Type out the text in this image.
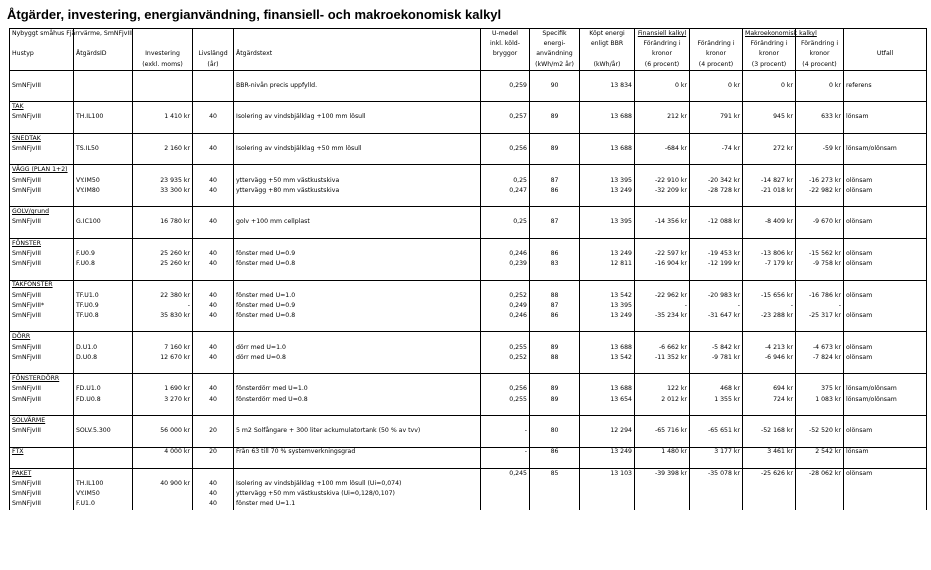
Åtgärder, investering, energianvändning, finansiell- och makroekonomisk kalkyl
Nybyggt småhus Fjärrvärme, SmNFjvIII					U-medel	Specifik	Köpt energi	Finansiell kalkyl		Makroekonomisk kalkyl		
					inkl. köld-	energi-	enligt BBR	Förändring i	Förändring i	Förändring i	Förändring i	
Hustyp	ÅtgärdsID	Investering	Livslängd	Åtgärdstext	bryggor	användning		kronor	kronor	kronor	kronor	Utfall
		(exkl. moms)	(år)			(kWh/m2 år)	(kWh/år)	(6 procent)	(4 procent)	(3 procent)	(4 procent)	

SmNFjvIII				BBR-nivån precis uppfylld.	0,259	90	13 834	0 kr	0 kr	0 kr	0 kr	referens

TAK												
SmNFjvIII	TH.IL100	1 410 kr	40	Isolering av vindsbjälklag +100 mm lösull	0,257	89	13 688	212 kr	791 kr	945 kr	633 kr	lönsam

SNEDTAK												
SmNFjvIII	TS.IL50	2 160 kr	40	Isolering av vindsbjälklag +50 mm lösull	0,256	89	13 688	-684 kr	-74 kr	272 kr	-59 kr	lönsam/olönsam

VÄGG (PLAN 1+2)												
SmNFjvIII	VY.IM50	23 935 kr	40	yttervägg +50 mm västkustskiva	0,25	87	13 395	-22 910 kr	-20 342 kr	-14 827 kr	-16 273 kr	olönsam
SmNFjvIII	VY.IM80	33 300 kr	40	yttervägg +80 mm västkustskiva	0,247	86	13 249	-32 209 kr	-28 728 kr	-21 018 kr	-22 982 kr	olönsam

GOLV/grund												
SmNFjvIII	G.IC100	16 780 kr	40	golv +100 mm cellplast	0,25	87	13 395	-14 356 kr	-12 088 kr	-8 409 kr	-9 670 kr	olönsam

FÖNSTER												
SmNFjvIII	F.U0.9	25 260 kr	40	fönster med U=0.9	0,246	86	13 249	-22 597 kr	-19 453 kr	-13 806 kr	-15 562 kr	olönsam
SmNFjvIII	F.U0.8	25 260 kr	40	fönster med U=0.8	0,239	83	12 811	-16 904 kr	-12 199 kr	-7 179 kr	-9 758 kr	olönsam

TAKFONSTER												
SmNFjvIII	TF.U1.0	22 380 kr	40	fönster med U=1.0	0,252	88	13 542	-22 962 kr	-20 983 kr	-15 656 kr	-16 786 kr	olönsam
SmNFjvIII*	TF.U0.9	-	40	fönster med U=0.9	0,249	87	13 395	-	-	-	-	
SmNFjvIII	TF.U0.8	35 830 kr	40	fönster med U=0.8	0,246	86	13 249	-35 234 kr	-31 647 kr	-23 288 kr	-25 317 kr	olönsam

DÖRR												
SmNFjvIII	D.U1.0	7 160 kr	40	dörr med U=1.0	0,255	89	13 688	-6 662 kr	-5 842 kr	-4 213 kr	-4 673 kr	olönsam
SmNFjvIII	D.U0.8	12 670 kr	40	dörr med U=0.8	0,252	88	13 542	-11 352 kr	-9 781 kr	-6 946 kr	-7 824 kr	olönsam

FÖNSTERDÖRR												
SmNFjvIII	FD.U1.0	1 690 kr	40	fönsterdörr med U=1.0	0,256	89	13 688	122 kr	468 kr	694 kr	375 kr	lönsam/olönsam
SmNFjvIII	FD.U0.8	3 270 kr	40	fönsterdörr med U=0.8	0,255	89	13 654	2 012 kr	1 355 kr	724 kr	1 083 kr	lönsam/olönsam

SOLVÄRME												
SmNFjvIII	SOLV.5.300	56 000 kr	20	5 m2 Solfångare + 300 liter ackumulatortank (50 % av tvv)	-	80	12 294	-65 716 kr	-65 651 kr	-52 168 kr	-52 520 kr	olönsam

FTX		4 000 kr	20	Från 63 till 70 % systemverkningsgrad	-	86	13 249	1 480 kr	3 177 kr	3 461 kr	2 542 kr	lönsam

PAKET					0,245	85	13 103	-39 398 kr	-35 078 kr	-25 626 kr	-28 062 kr	olönsam
SmNFjvIII	TH.IL100	40 900 kr	40	Isolering av vindsbjälklag +100 mm lösull (Ui=0,074)								
SmNFjvIII	VY.IM50		40	yttervägg +50 mm västkustskiva (Ui=0,128/0,107)								
SmNFjvIII	F.U1.0		40	fönster med U=1.1								
